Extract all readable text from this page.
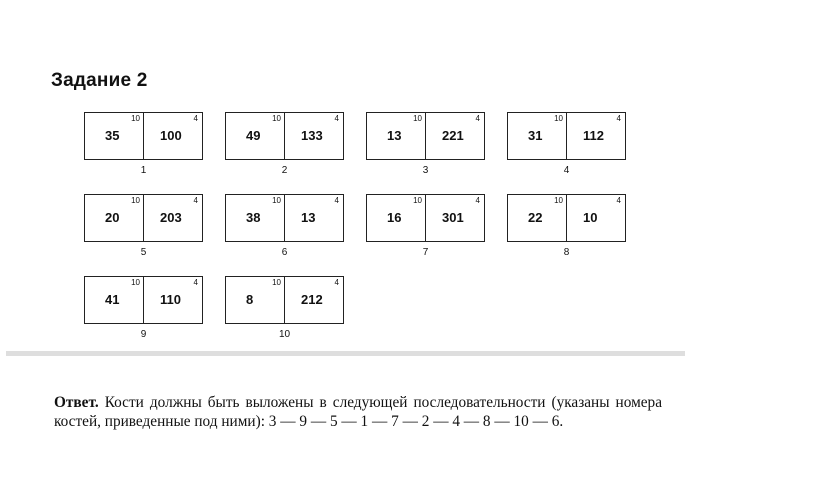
Задание 2
35
10
100
4
1
49
10
133
4
2
13
10
221
4
3
31
10
112
4
4
20
10
203
4
5
38
10
13
4
6
16
10
301
4
7
22
10
10
4
8
41
10
110
4
9
8
10
212
4
10
Ответ. Кости должны быть выложены в следующей последовательности (указаны номера костей, приведенные под ними): 3 — 9 — 5 — 1 — 7 — 2 — 4 — 8 — 10 — 6.
